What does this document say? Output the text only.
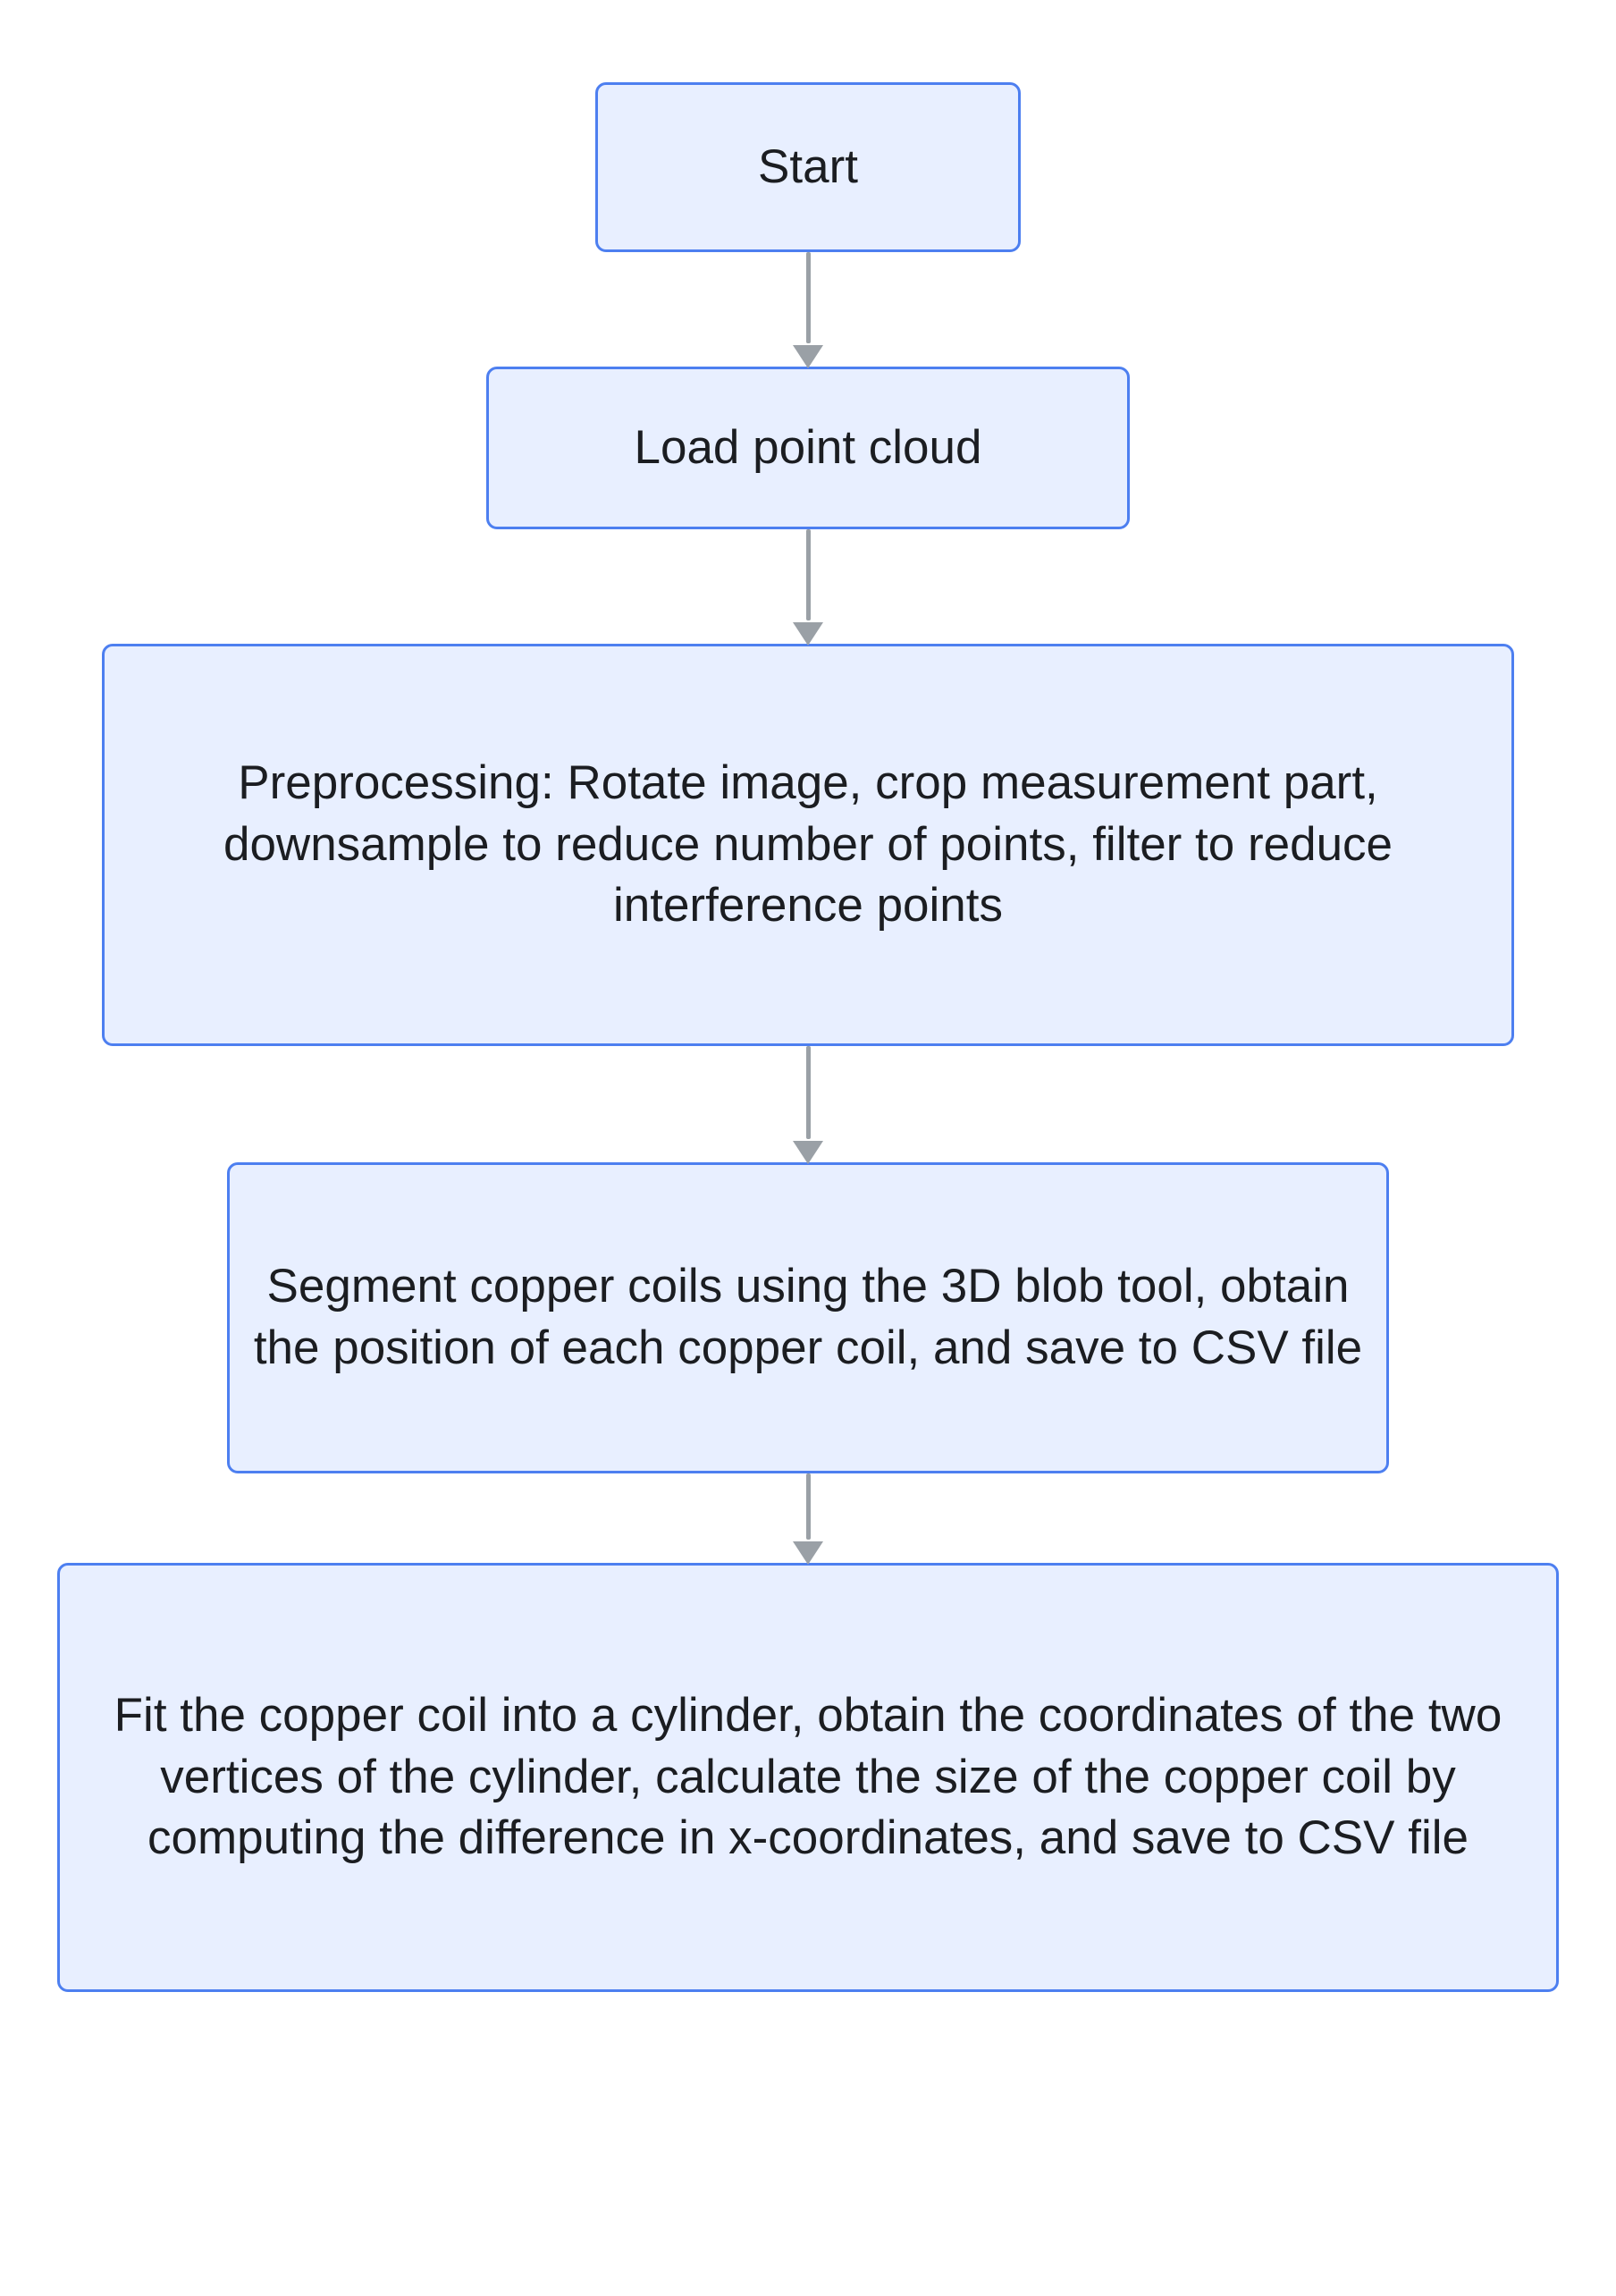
Start
Load point cloud
Preprocessing: Rotate image, crop measurement part, downsample to reduce number of points, filter to reduce interference points
Segment copper coils using the 3D blob tool, obtain the position of each copper coil, and save to CSV file
Fit the copper coil into a cylinder, obtain the coordinates of the two vertices of the cylinder, calculate the size of the copper coil by computing the difference in x-coordinates, and save to CSV file
